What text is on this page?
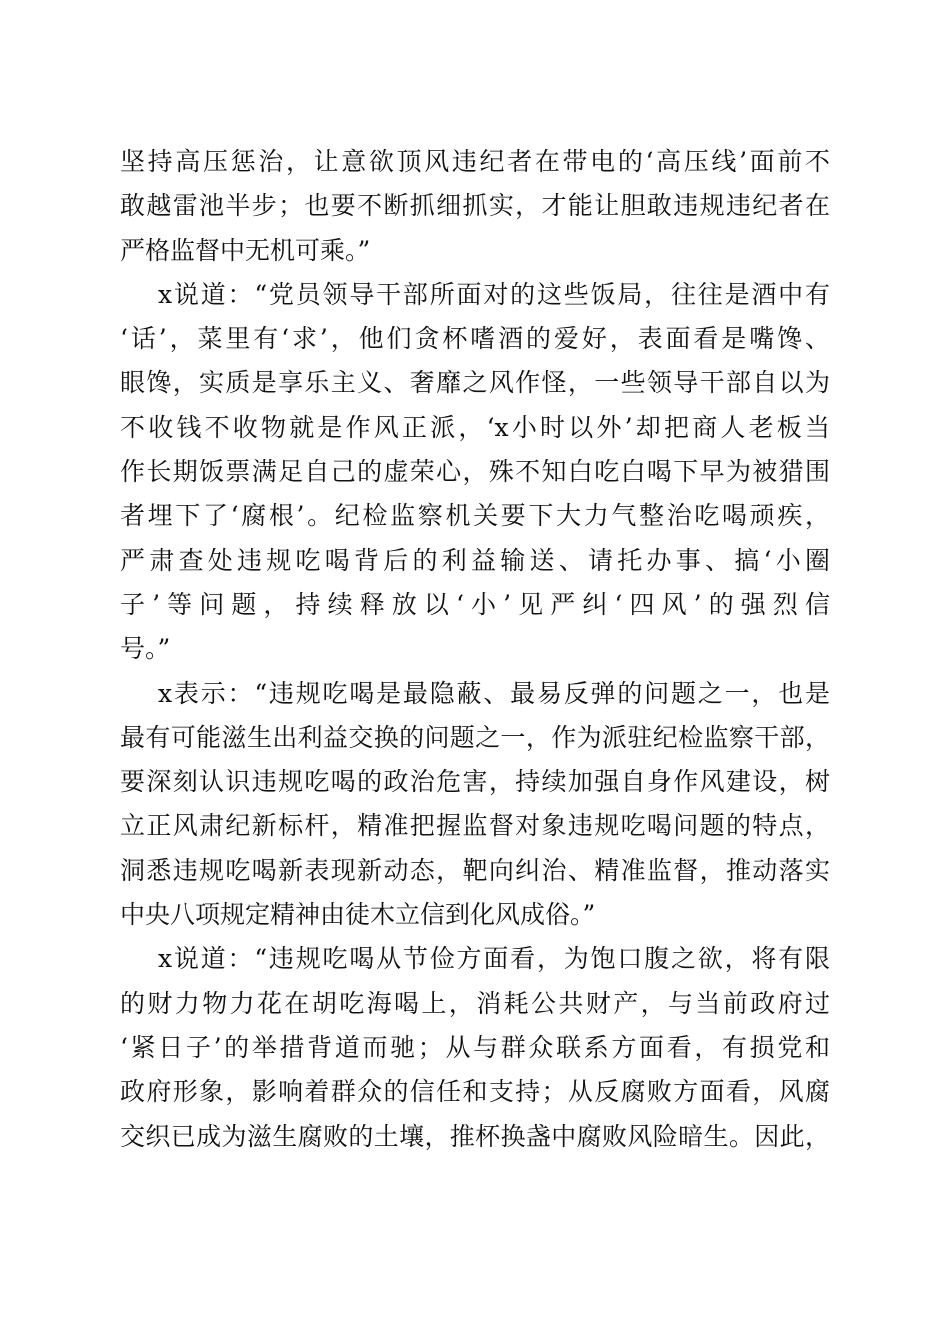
坚持高压惩治，让意欲顶风违纪者在带电的‘高压线’面前不
敢越雷池半步；也要不断抓细抓实，才能让胆敢违规违纪者在
严格监督中无机可乘。”
x说道：“党员领导干部所面对的这些饭局，往往是酒中有
‘话’，菜里有‘求’，他们贪杯嗜酒的爱好，表面看是嘴馋、
眼馋，实质是享乐主义、奢靡之风作怪，一些领导干部自以为
不收钱不收物就是作风正派，‘x小时以外’却把商人老板当
作长期饭票满足自己的虚荣心，殊不知白吃白喝下早为被猎围
者埋下了‘腐根’。纪检监察机关要下大力气整治吃喝顽疾，
严肃查处违规吃喝背后的利益输送、请托办事、搞‘小圈
子’等问题，持续释放以‘小’见严纠‘四风’的强烈信
号。”
x表示：“违规吃喝是最隐蔽、最易反弹的问题之一，也是
最有可能滋生出利益交换的问题之一，作为派驻纪检监察干部，
要深刻认识违规吃喝的政治危害，持续加强自身作风建设，树
立正风肃纪新标杆，精准把握监督对象违规吃喝问题的特点，
洞悉违规吃喝新表现新动态，靶向纠治、精准监督，推动落实
中央八项规定精神由徒木立信到化风成俗。”
x说道：“违规吃喝从节俭方面看，为饱口腹之欲，将有限
的财力物力花在胡吃海喝上，消耗公共财产，与当前政府过
‘紧日子’的举措背道而驰；从与群众联系方面看，有损党和
政府形象，影响着群众的信任和支持；从反腐败方面看，风腐
交织已成为滋生腐败的土壤，推杯换盏中腐败风险暗生。因此，
